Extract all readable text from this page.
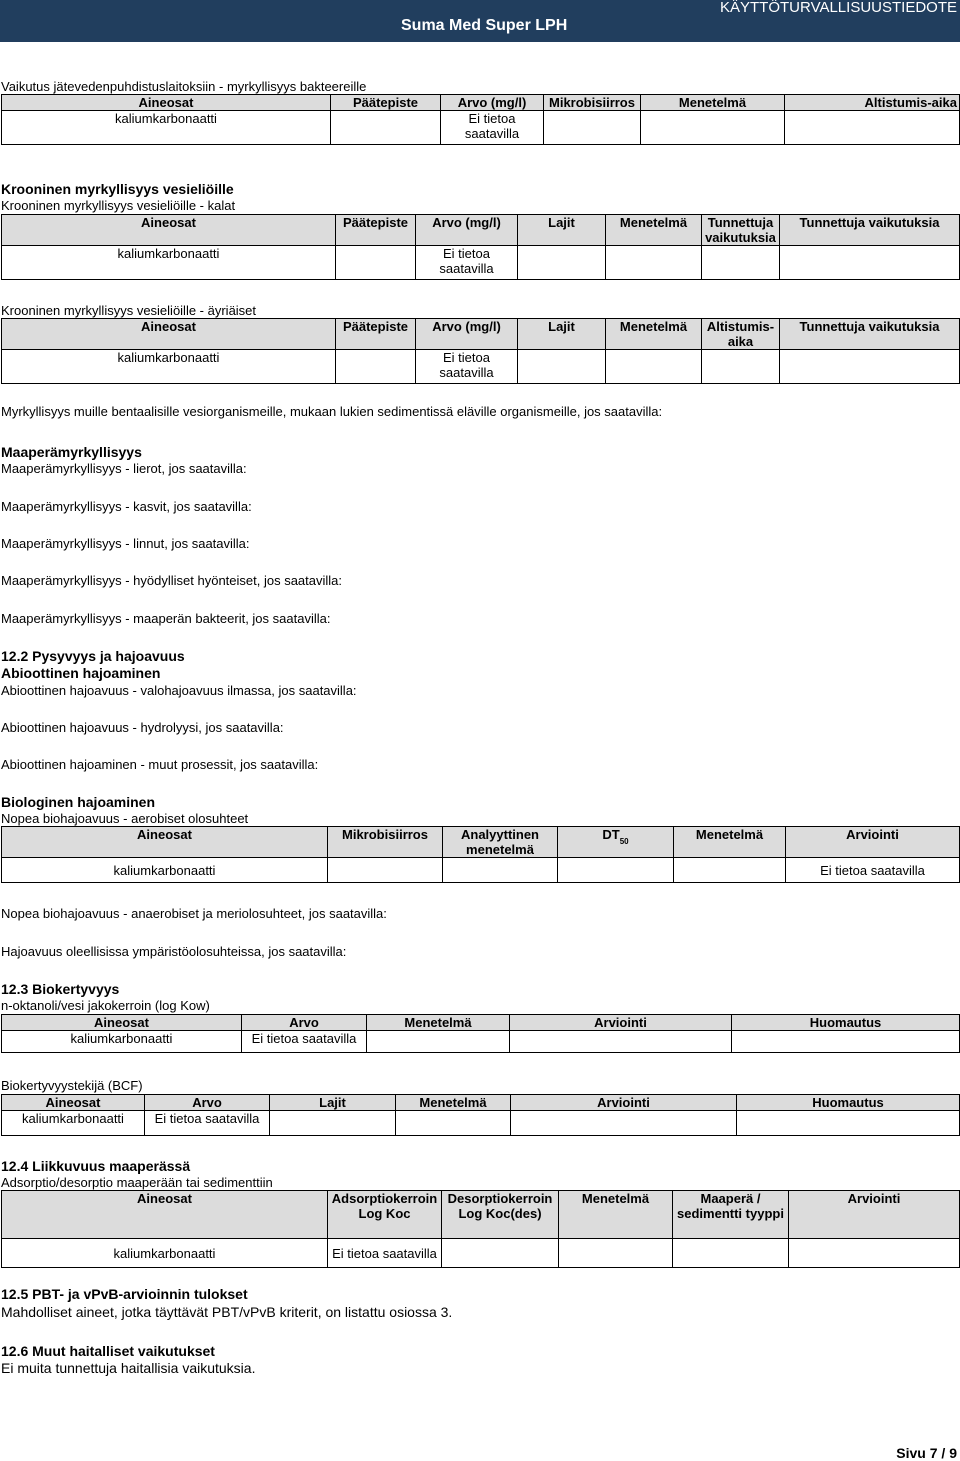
Suma Med Super LPH
KÄYTTÖTURVALLISUUSTIEDOTE
Vaikutus jätevedenpuhdistuslaitoksiin - myrkyllisyys bakteereille
Aineosat	Päätepiste	Arvo (mg/l)	Mikrobisiirros	Menetelmä	Altistumis-aika
kaliumkarbonaatti		Ei tietoa saatavilla			
Krooninen myrkyllisyys vesieliöille
Krooninen myrkyllisyys vesieliöille - kalat
Aineosat	Päätepiste	Arvo (mg/l)	Lajit	Menetelmä	Tunnettuja vaikutuksia	Tunnettuja vaikutuksia
kaliumkarbonaatti		Ei tietoa saatavilla				
Krooninen myrkyllisyys vesieliöille - äyriäiset
Aineosat	Päätepiste	Arvo (mg/l)	Lajit	Menetelmä	Altistumis-aika	Tunnettuja vaikutuksia
kaliumkarbonaatti		Ei tietoa saatavilla				
Myrkyllisyys muille bentaalisille vesiorganismeille, mukaan lukien sedimentissä eläville organismeille, jos saatavilla:
Maaperämyrkyllisyys
Maaperämyrkyllisyys - lierot, jos saatavilla:
Maaperämyrkyllisyys - kasvit, jos saatavilla:
Maaperämyrkyllisyys - linnut, jos saatavilla:
Maaperämyrkyllisyys - hyödylliset hyönteiset, jos saatavilla:
Maaperämyrkyllisyys - maaperän bakteerit, jos saatavilla:
12.2 Pysyvyys ja hajoavuus
Abioottinen hajoaminen
Abioottinen hajoavuus - valohajoavuus ilmassa, jos saatavilla:
Abioottinen hajoavuus - hydrolyysi, jos saatavilla:
Abioottinen hajoaminen - muut prosessit, jos saatavilla:
Biologinen hajoaminen
Nopea biohajoavuus - aerobiset olosuhteet
Aineosat	Mikrobisiirros	Analyyttinen menetelmä	$DT_{50}$	Menetelmä	Arviointi
kaliumkarbonaatti					Ei tietoa saatavilla
Nopea biohajoavuus - anaerobiset ja meriolosuhteet, jos saatavilla:
Hajoavuus oleellisissa ympäristöolosuhteissa, jos saatavilla:
12.3 Biokertyvyys
n-oktanoli/vesi jakokerroin (log Kow)
Aineosat	Arvo	Menetelmä	Arviointi	Huomautus
kaliumkarbonaatti	Ei tietoa saatavilla			
Biokertyvyystekijä (BCF)
Aineosat	Arvo	Lajit	Menetelmä	Arviointi	Huomautus
kaliumkarbonaatti	Ei tietoa saatavilla				
12.4 Liikkuvuus maaperässä
Adsorptio/desorptio maaperään tai sedimenttiin
Aineosat	Adsorptiokerroin Log Koc	Desorptiokerroin Log Koc(des)	Menetelmä	Maaperä / sedimentti tyyppi	Arviointi
kaliumkarbonaatti	Ei tietoa saatavilla				
12.5 PBT- ja vPvB-arvioinnin tulokset
Mahdolliset aineet, jotka täyttävät PBT/vPvB kriterit, on listattu osiossa 3.
12.6 Muut haitalliset vaikutukset
Ei muita tunnettuja haitallisia vaikutuksia.
Sivu 7 / 9
